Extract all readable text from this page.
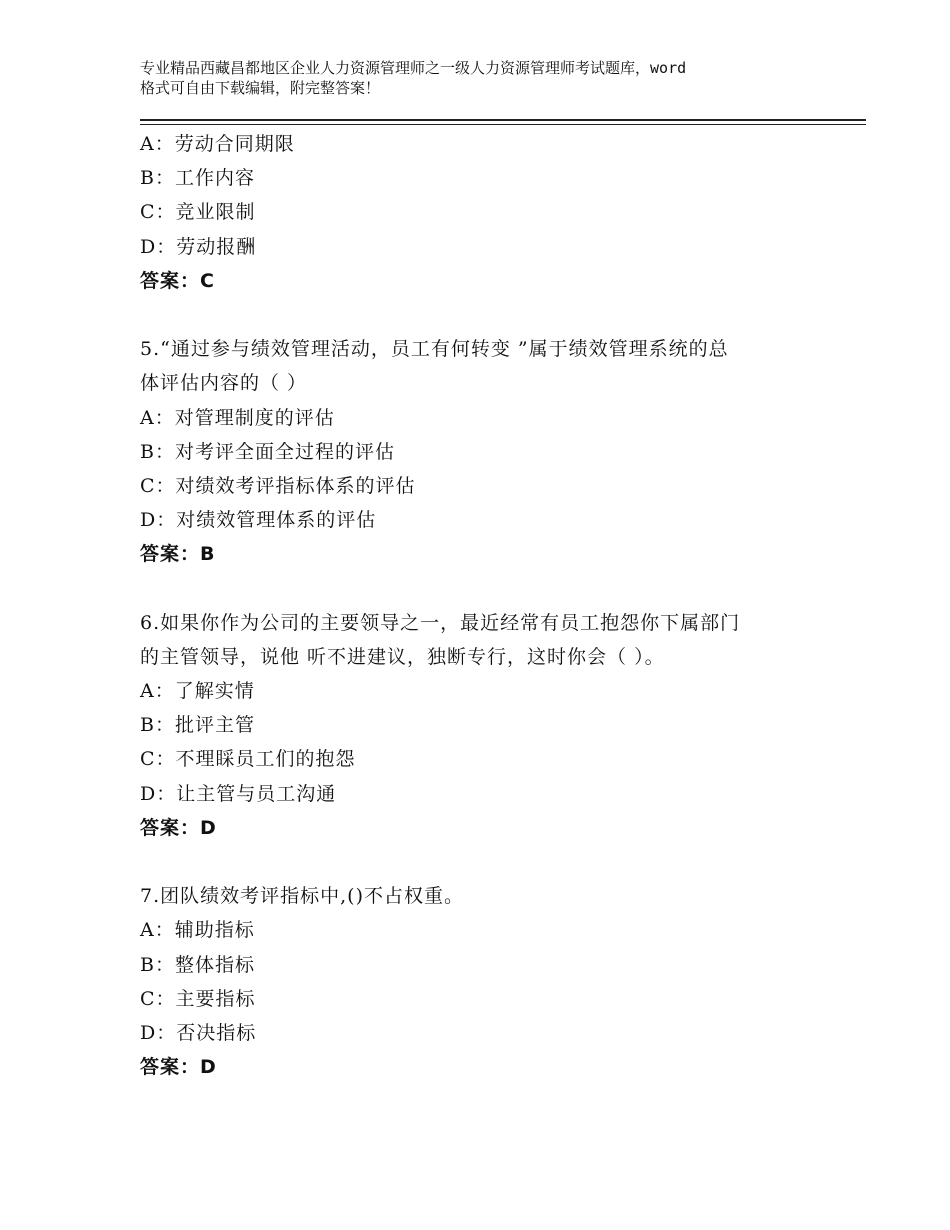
专业精品西藏昌都地区企业人力资源管理师之一级人力资源管理师考试题库，word
格式可自由下载编辑，附完整答案！
A：劳动合同期限
B：工作内容
C：竞业限制
D：劳动报酬
答案：C
5.“通过参与绩效管理活动，员工有何转变 ”属于绩效管理系统的总
体评估内容的（ ）
A：对管理制度的评估
B：对考评全面全过程的评估
C：对绩效考评指标体系的评估
D：对绩效管理体系的评估
答案：B
6.如果你作为公司的主要领导之一，最近经常有员工抱怨你下属部门
的主管领导，说他 听不进建议，独断专行，这时你会（ ）。
A：了解实情
B：批评主管
C：不理睬员工们的抱怨
D：让主管与员工沟通
答案：D
7.团队绩效考评指标中,()不占权重。
A：辅助指标
B：整体指标
C：主要指标
D：否决指标
答案：D
